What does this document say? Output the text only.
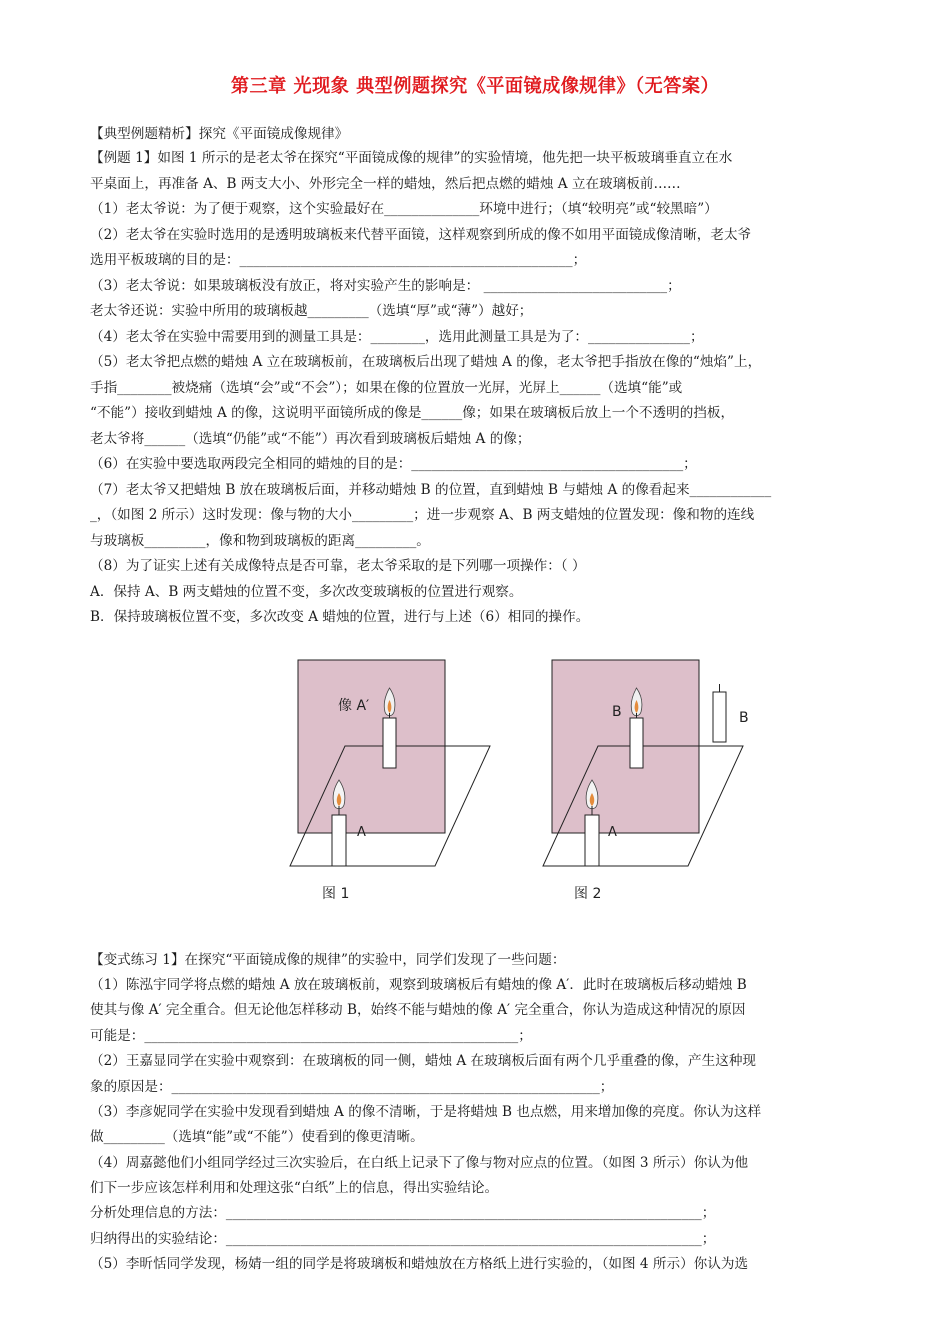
第三章 光现象 典型例题探究《平面镜成像规律》（无答案）
【典型例题精析】探究《平面镜成像规律》
【例题 1】如图 1 所示的是老太爷在探究“平面镜成像的规律”的实验情境，他先把一块平板玻璃垂直立在水
平桌面上，再准备 A、B 两支大小、外形完全一样的蜡烛，然后把点燃的蜡烛 A 立在玻璃板前……
（1）老太爷说：为了便于观察，这个实验最好在______________环境中进行；（填“较明亮”或“较黑暗”）
（2）老太爷在实验时选用的是透明玻璃板来代替平面镜，这样观察到所成的像不如用平面镜成像清晰，老太爷
选用平板玻璃的目的是：_________________________________________________；
（3）老太爷说：如果玻璃板没有放正，将对实验产生的影响是： ___________________________；
老太爷还说：实验中所用的玻璃板越_________（选填“厚”或“薄”）越好；
（4）老太爷在实验中需要用到的测量工具是：________，选用此测量工具是为了：_______________；
（5）老太爷把点燃的蜡烛 A 立在玻璃板前，在玻璃板后出现了蜡烛 A 的像，老太爷把手指放在像的“烛焰”上，
手指________被烧痛（选填“会”或“不会”）；如果在像的位置放一光屏，光屏上______（选填“能”或
“不能”）接收到蜡烛 A 的像，这说明平面镜所成的像是______像；如果在玻璃板后放上一个不透明的挡板，
老太爷将______（选填“仍能”或“不能”）再次看到玻璃板后蜡烛 A 的像；
（6）在实验中要选取两段完全相同的蜡烛的目的是：________________________________________；
（7）老太爷又把蜡烛 B 放在玻璃板后面，并移动蜡烛 B 的位置，直到蜡烛 B 与蜡烛 A 的像看起来____________
_，（如图 2 所示）这时发现：像与物的大小_________；进一步观察 A、B 两支蜡烛的位置发现：像和物的连线
与玻璃板_________，像和物到玻璃板的距离_________。
（8）为了证实上述有关成像特点是否可靠，老太爷采取的是下列哪一项操作：（ ）
A．保持 A、B 两支蜡烛的位置不变，多次改变玻璃板的位置进行观察。
B．保持玻璃板位置不变，多次改变 A 蜡烛的位置，进行与上述（6）相同的操作。
像 A′
A
图 1
B	B
A
图 2
【变式练习 1】在探究“平面镜成像的规律”的实验中，同学们发现了一些问题：
（1）陈泓宇同学将点燃的蜡烛 A 放在玻璃板前，观察到玻璃板后有蜡烛的像 A′．此时在玻璃板后移动蜡烛 B
使其与像 A′ 完全重合。但无论他怎样移动 B，始终不能与蜡烛的像 A′ 完全重合，你认为造成这种情况的原因
可能是：_______________________________________________________；
（2）王嘉显同学在实验中观察到：在玻璃板的同一侧，蜡烛 A 在玻璃板后面有两个几乎重叠的像，产生这种现
象的原因是：_______________________________________________________________；
（3）李彦妮同学在实验中发现看到蜡烛 A 的像不清晰，于是将蜡烛 B 也点燃，用来增加像的亮度。你认为这样
做_________（选填“能”或“不能”）使看到的像更清晰。
（4）周嘉懿他们小组同学经过三次实验后，在白纸上记录下了像与物对应点的位置。（如图 3 所示）你认为他
们下一步应该怎样利用和处理这张“白纸”上的信息，得出实验结论。
分析处理信息的方法：______________________________________________________________________；
归纳得出的实验结论：______________________________________________________________________；
（5）李昕恬同学发现，杨婧一组的同学是将玻璃板和蜡烛放在方格纸上进行实验的，（如图 4 所示）你认为选
